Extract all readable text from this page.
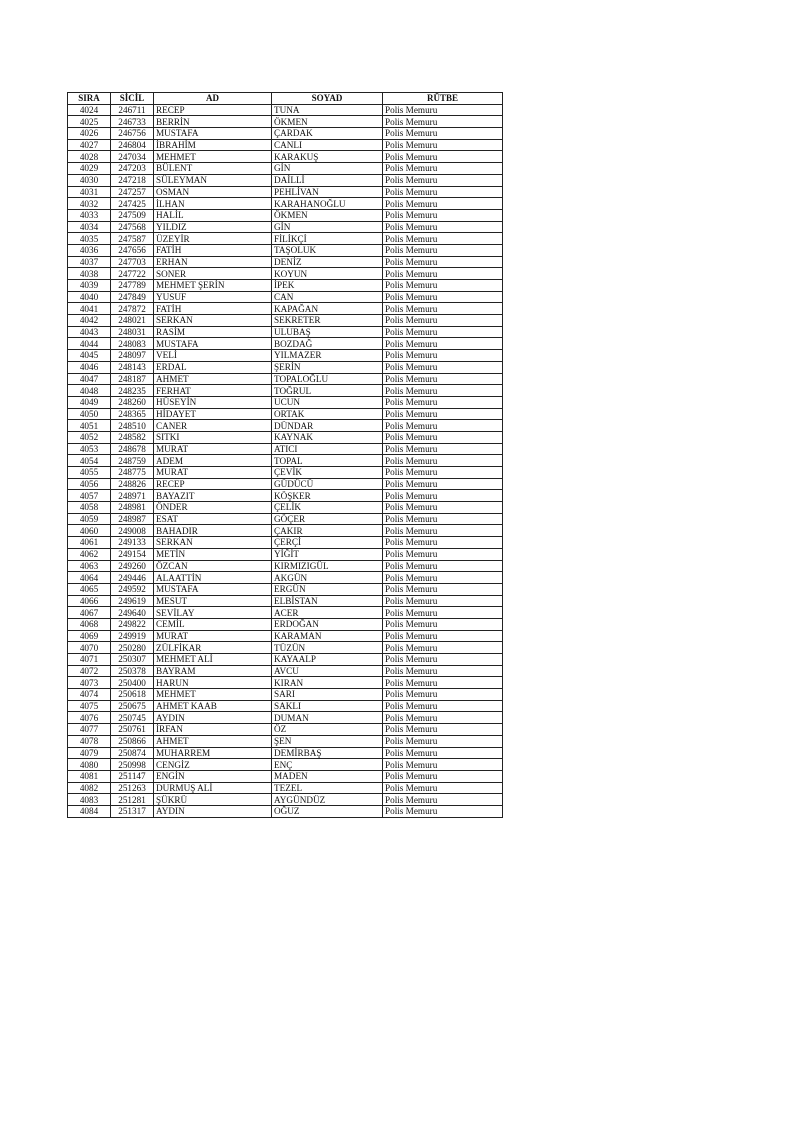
SIRA	SİCİL	AD	SOYAD	RÜTBE
4024	246711	RECEP	TUNA	Polis Memuru
4025	246733	BERRİN	ÖKMEN	Polis Memuru
4026	246756	MUSTAFA	ÇARDAK	Polis Memuru
4027	246804	İBRAHİM	CANLI	Polis Memuru
4028	247034	MEHMET	KARAKUŞ	Polis Memuru
4029	247203	BÜLENT	GİN	Polis Memuru
4030	247218	SÜLEYMAN	DAİLLİ	Polis Memuru
4031	247257	OSMAN	PEHLİVAN	Polis Memuru
4032	247425	İLHAN	KARAHANOĞLU	Polis Memuru
4033	247509	HALİL	ÖKMEN	Polis Memuru
4034	247568	YILDIZ	GİN	Polis Memuru
4035	247587	ÜZEYİR	FİLİKÇİ	Polis Memuru
4036	247656	FATİH	TAŞOLUK	Polis Memuru
4037	247703	ERHAN	DENİZ	Polis Memuru
4038	247722	SONER	KOYUN	Polis Memuru
4039	247789	MEHMET ŞERİN	İPEK	Polis Memuru
4040	247849	YUSUF	CAN	Polis Memuru
4041	247872	FATİH	KAPAĞAN	Polis Memuru
4042	248021	SERKAN	SEKRETER	Polis Memuru
4043	248031	RASİM	ULUBAŞ	Polis Memuru
4044	248083	MUSTAFA	BOZDAĞ	Polis Memuru
4045	248097	VELİ	YILMAZER	Polis Memuru
4046	248143	ERDAL	ŞERİN	Polis Memuru
4047	248187	AHMET	TOPALOĞLU	Polis Memuru
4048	248235	FERHAT	TOĞRUL	Polis Memuru
4049	248260	HÜSEYİN	UCUN	Polis Memuru
4050	248365	HİDAYET	ORTAK	Polis Memuru
4051	248510	CANER	DÜNDAR	Polis Memuru
4052	248582	SITKI	KAYNAK	Polis Memuru
4053	248678	MURAT	ATICI	Polis Memuru
4054	248759	ADEM	TOPAL	Polis Memuru
4055	248775	MURAT	ÇEVİK	Polis Memuru
4056	248826	RECEP	GÜDÜCÜ	Polis Memuru
4057	248971	BAYAZIT	KÖŞKER	Polis Memuru
4058	248981	ÖNDER	ÇELİK	Polis Memuru
4059	248987	ESAT	GÖÇER	Polis Memuru
4060	249008	BAHADIR	ÇAKIR	Polis Memuru
4061	249133	SERKAN	ÇERÇİ	Polis Memuru
4062	249154	METİN	YİĞİT	Polis Memuru
4063	249260	ÖZCAN	KIRMIZIGÜL	Polis Memuru
4064	249446	ALAATTİN	AKGÜN	Polis Memuru
4065	249592	MUSTAFA	ERGÜN	Polis Memuru
4066	249619	MESUT	ELBİSTAN	Polis Memuru
4067	249640	SEVİLAY	ACER	Polis Memuru
4068	249822	CEMİL	ERDOĞAN	Polis Memuru
4069	249919	MURAT	KARAMAN	Polis Memuru
4070	250280	ZÜLFİKAR	TÜZÜN	Polis Memuru
4071	250307	MEHMET ALİ	KAYAALP	Polis Memuru
4072	250378	BAYRAM	AVCU	Polis Memuru
4073	250400	HARUN	KIRAN	Polis Memuru
4074	250618	MEHMET	SARI	Polis Memuru
4075	250675	AHMET KAAB	SAKLI	Polis Memuru
4076	250745	AYDIN	DUMAN	Polis Memuru
4077	250761	İRFAN	ÖZ	Polis Memuru
4078	250866	AHMET	ŞEN	Polis Memuru
4079	250874	MUHARREM	DEMİRBAŞ	Polis Memuru
4080	250998	CENGİZ	ENÇ	Polis Memuru
4081	251147	ENGİN	MADEN	Polis Memuru
4082	251263	DURMUŞ ALİ	TEZEL	Polis Memuru
4083	251281	ŞÜKRÜ	AYGÜNDÜZ	Polis Memuru
4084	251317	AYDIN	OĞUZ	Polis Memuru
